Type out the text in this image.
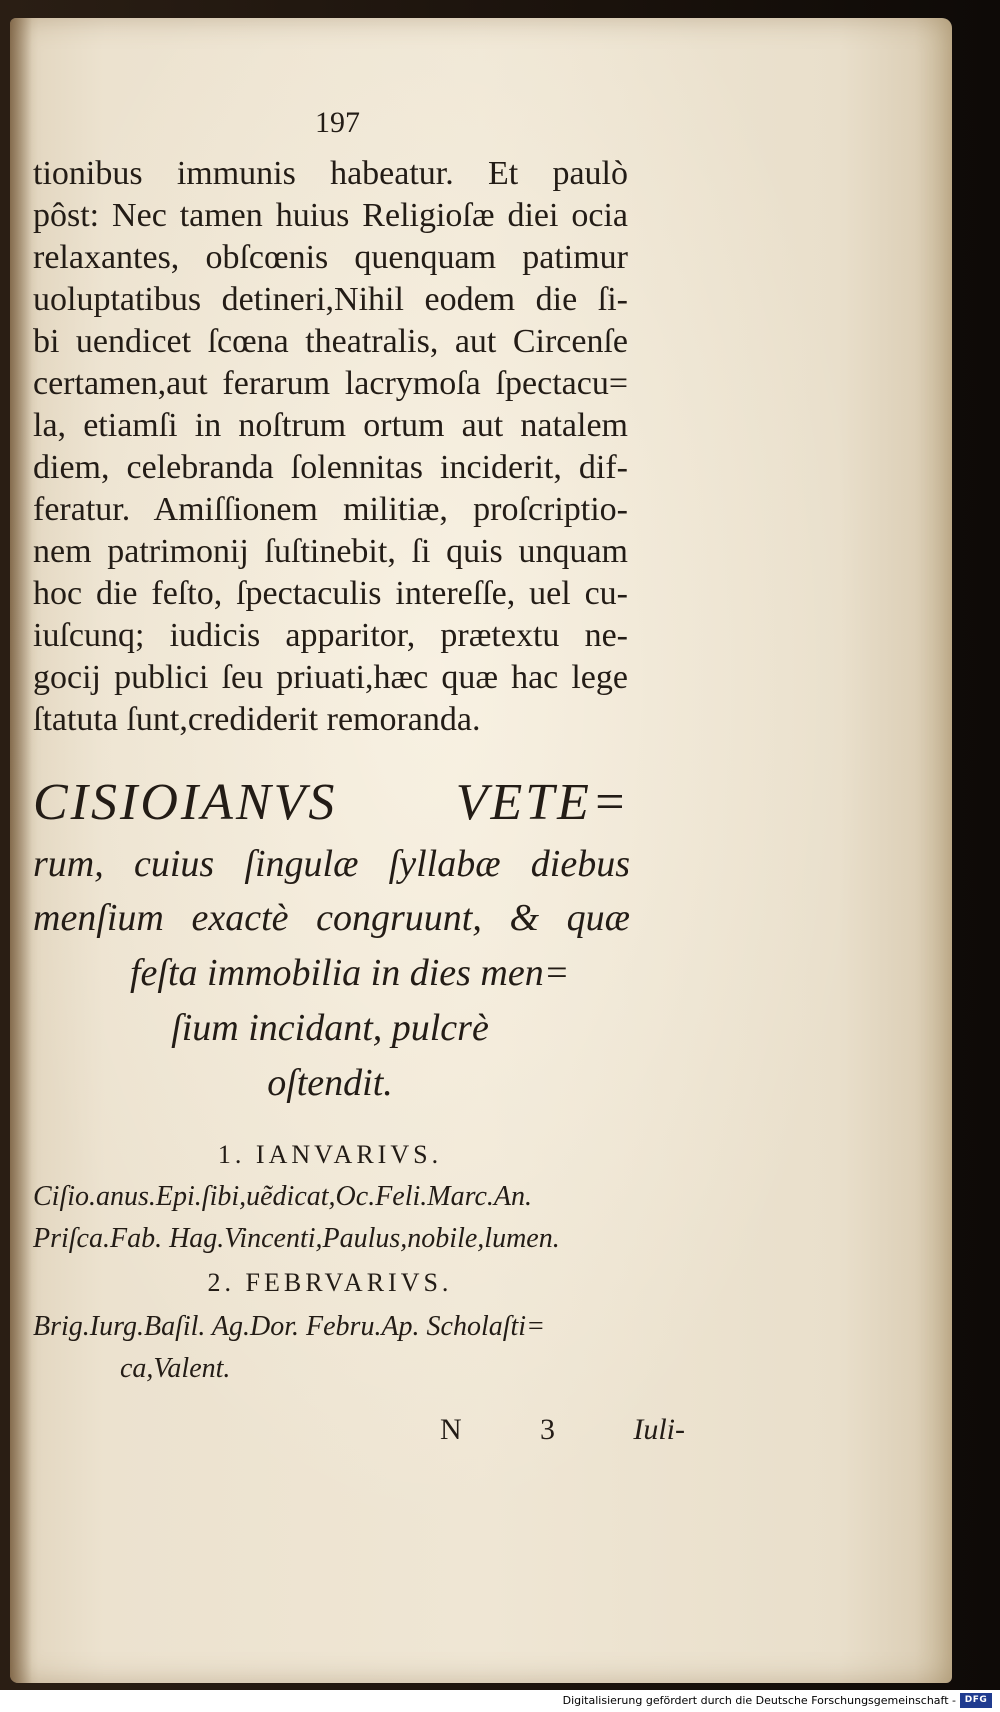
197
tionibus immunis habeatur. Et paulò
pôst: Nec tamen huius Religioſæ diei ocia
relaxantes, obſcœnis quenquam patimur
uoluptatibus detineri,Nihil eodem die ſi-
bi uendicet ſcœna theatralis, aut Circenſe
certamen,aut ferarum lacrymoſa ſpectacu=
la, etiamſi in noſtrum ortum aut natalem
diem, celebranda ſolennitas inciderit, dif-
feratur. Amiſſionem militiæ, proſcriptio-
nem patrimonij ſuſtinebit, ſi quis unquam
hoc die feſto, ſpectaculis intereſſe, uel cu-
iuſcunq; iudicis apparitor, prætextu ne-
gocij publici ſeu priuati,hæc quæ hac lege
ſtatuta ſunt,crediderit remoranda.
CISIOIANVS VETE=
rum, cuius ſingulæ ſyllabæ diebus
menſium exactè congruunt, & quæ
feſta immobilia in dies men=
ſium incidant, pulcrè
oſtendit.
1. IANVARIVS.
Ciſio.anus.Epi.ſibi,uẽdicat,Oc.Feli.Marc.An.
Priſca.Fab. Hag.Vincenti,Paulus,nobile,lumen.
2. FEBRVARIVS.
Brig.Iurg.Baſil. Ag.Dor. Febru.Ap. Scholaſti=
ca,Valent.
N	3	Iuli-
Digitalisierung gefördert durch die Deutsche Forschungsgemeinschaft - DFG
